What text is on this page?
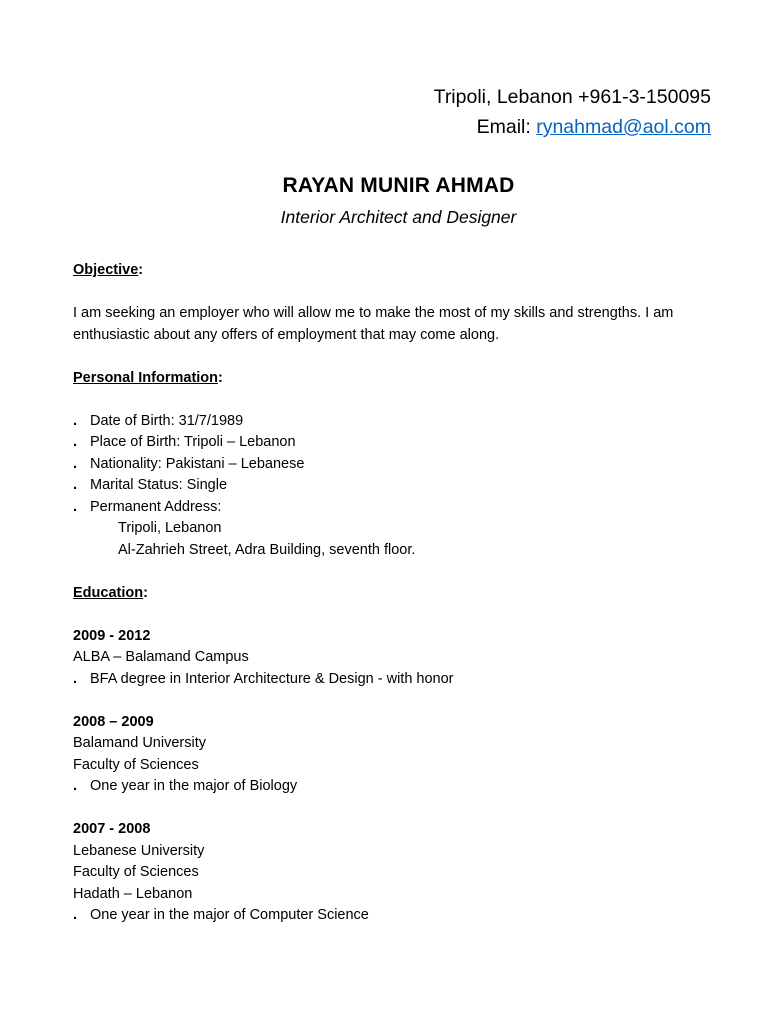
Tripoli, Lebanon +961-3-150095
Email: rynahmad@aol.com
RAYAN MUNIR AHMAD
Interior Architect and Designer
Objective:
I am seeking an employer who will allow me to make the most of my skills and strengths. I am enthusiastic about any offers of employment that may come along.
Personal Information:
. Date of Birth: 31/7/1989
. Place of Birth: Tripoli – Lebanon
. Nationality: Pakistani – Lebanese
. Marital Status: Single
. Permanent Address:
Tripoli, Lebanon
Al-Zahrieh Street, Adra Building, seventh floor.
Education:
2009 - 2012
ALBA – Balamand Campus
. BFA degree in Interior Architecture & Design - with honor
2008 – 2009
Balamand University
Faculty of Sciences
. One year in the major of Biology
2007 - 2008
Lebanese University
Faculty of Sciences
Hadath – Lebanon
. One year in the major of Computer Science
